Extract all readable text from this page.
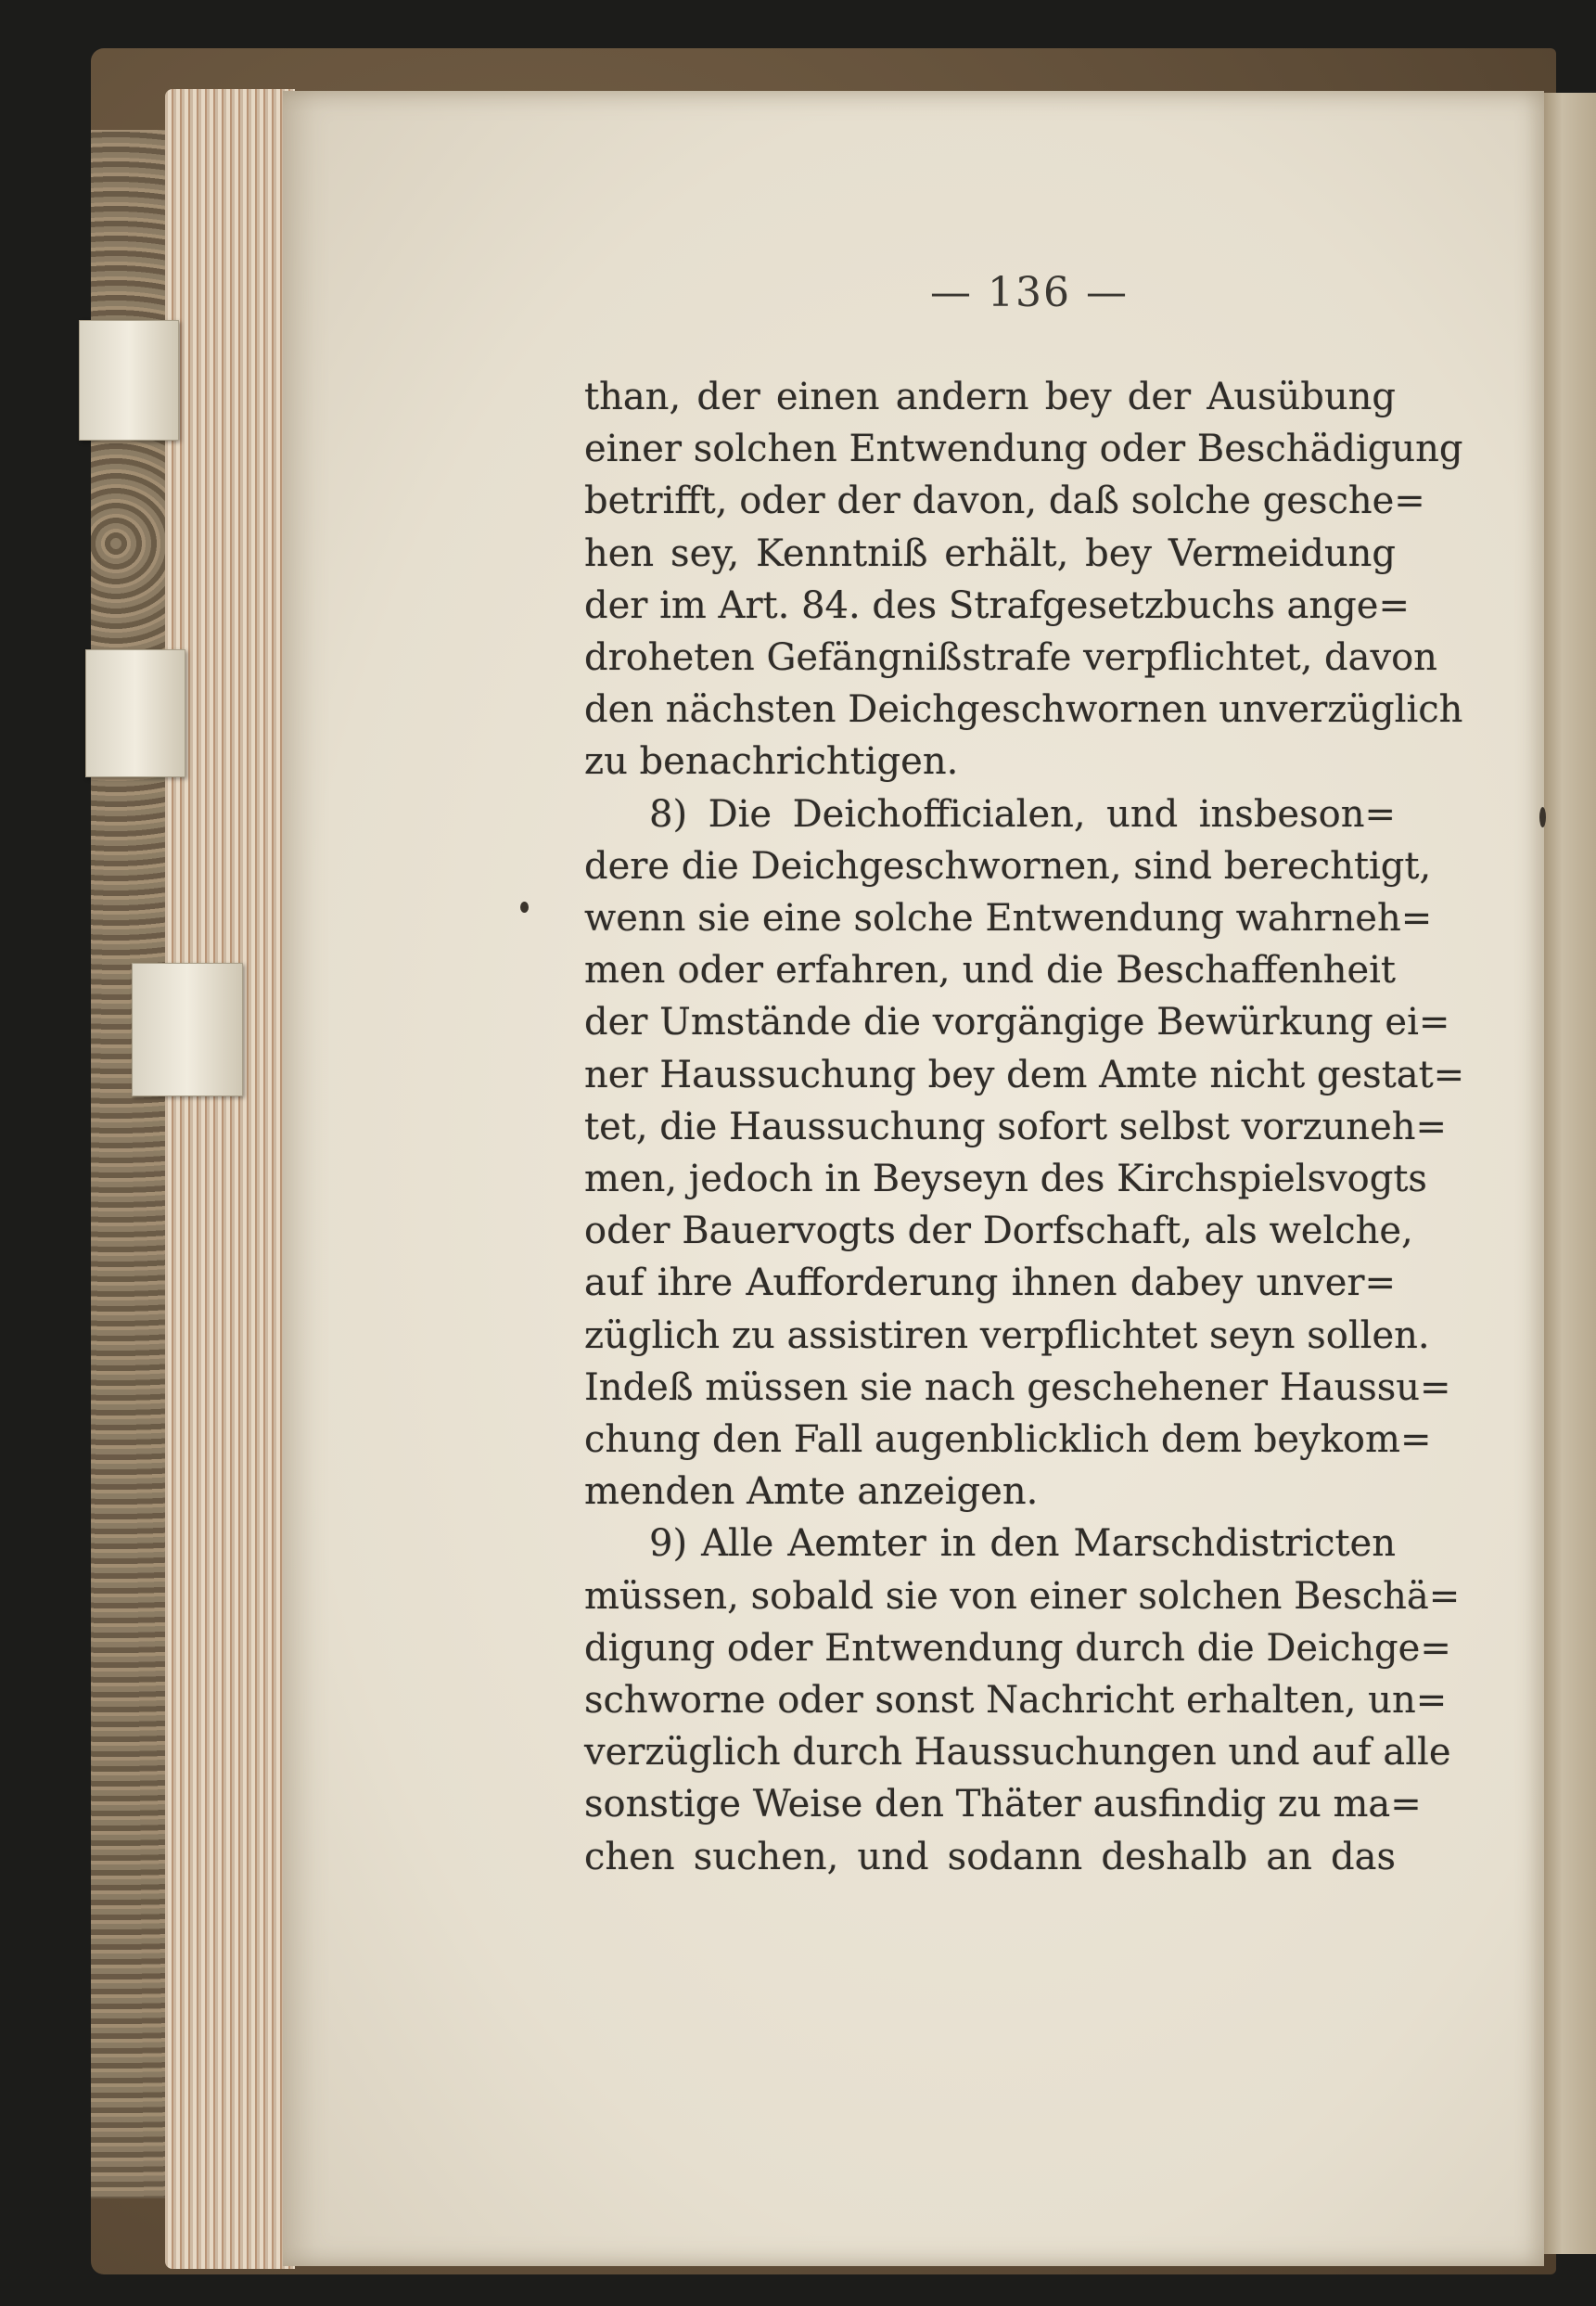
— 136 —
than, der einen andern bey der Ausübung
einer solchen Entwendung oder Beschädigung
betrifft, oder der davon, daß solche gesche=
hen sey, Kenntniß erhält, bey Vermeidung
der im Art. 84. des Strafgesetzbuchs ange=
droheten Gefängnißstrafe verpflichtet, davon
den nächsten Deichgeschwornen unverzüglich
zu benachrichtigen.
8) Die Deichofficialen, und insbeson=
dere die Deichgeschwornen, sind berechtigt,
wenn sie eine solche Entwendung wahrneh=
men oder erfahren, und die Beschaffenheit
der Umstände die vorgängige Bewürkung ei=
ner Haussuchung bey dem Amte nicht gestat=
tet, die Haussuchung sofort selbst vorzuneh=
men, jedoch in Beyseyn des Kirchspielsvogts
oder Bauervogts der Dorfschaft, als welche,
auf ihre Aufforderung ihnen dabey unver=
züglich zu assistiren verpflichtet seyn sollen.
Indeß müssen sie nach geschehener Haussu=
chung den Fall augenblicklich dem beykom=
menden Amte anzeigen.
9) Alle Aemter in den Marschdistricten
müssen, sobald sie von einer solchen Beschä=
digung oder Entwendung durch die Deichge=
schworne oder sonst Nachricht erhalten, un=
verzüglich durch Haussuchungen und auf alle
sonstige Weise den Thäter ausfindig zu ma=
chen suchen, und sodann deshalb an das
